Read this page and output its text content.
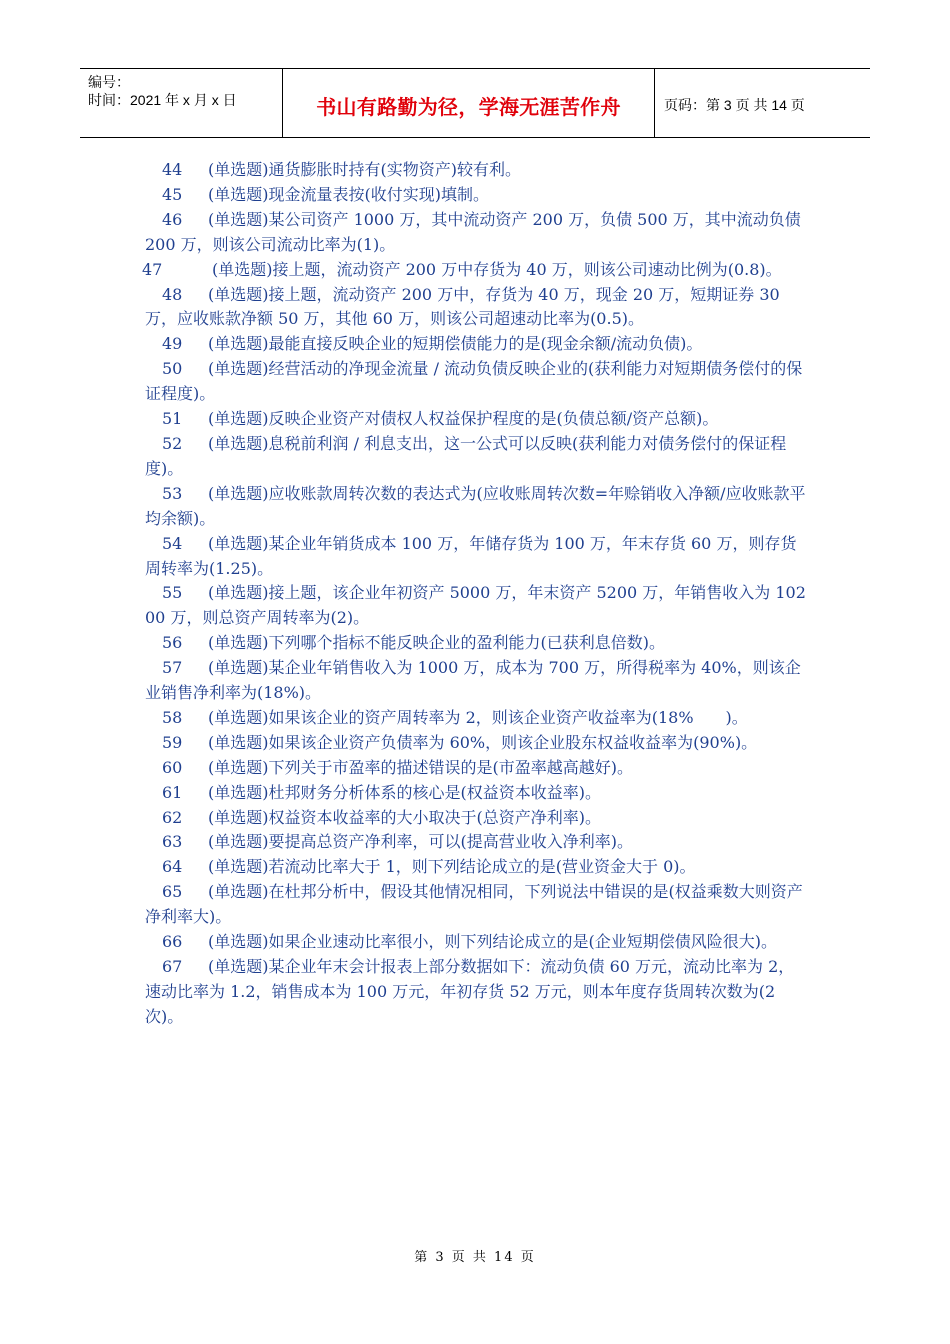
编号：
时间：2021 年 x 月 x 日	书山有路勤为径，学海无涯苦作舟	页码：第 3 页 共 14 页

44 (单选题)通货膨胀时持有(实物资产)较有利。

45 (单选题)现金流量表按(收付实现)填制。

46 (单选题)某公司资产 1000 万，其中流动资产 200 万，负债 500 万，其中流动负债 200 万，则该公司流动比率为(1)。

47	(单选题)接上题，流动资产 200 万中存货为 40 万，则该公司速动比例为(0.8)。

48 (单选题)接上题，流动资产 200 万中，存货为 40 万，现金 20 万，短期证券 30 万，应收账款净额 50 万，其他 60 万，则该公司超速动比率为(0.5)。

49 (单选题)最能直接反映企业的短期偿债能力的是(现金余额/流动负债)。

50 (单选题)经营活动的净现金流量 / 流动负债反映企业的(获利能力对短期债务偿付的保证程度)。

51 (单选题)反映企业资产对债权人权益保护程度的是(负债总额/资产总额)。

52 (单选题)息税前利润 / 利息支出，这一公式可以反映(获利能力对债务偿付的保证程度)。

53 (单选题)应收账款周转次数的表达式为(应收账周转次数=年赊销收入净额/应收账款平均余额)。

54 (单选题)某企业年销货成本 100 万，年储存货为 100 万，年末存货 60 万，则存货周转率为(1.25)。

55 (单选题)接上题，该企业年初资产 5000 万，年末资产 5200 万，年销售收入为 10200 万，则总资产周转率为(2)。

56 (单选题)下列哪个指标不能反映企业的盈利能力(已获利息倍数)。

57 (单选题)某企业年销售收入为 1000 万，成本为 700 万，所得税率为 40%，则该企业销售净利率为(18%)。

58 (单选题)如果该企业的资产周转率为 2，则该企业资产收益率为(18%　　)。

59 (单选题)如果该企业资产负债率为 60%，则该企业股东权益收益率为(90%)。

60 (单选题)下列关于市盈率的描述错误的是(市盈率越高越好)。

61 (单选题)杜邦财务分析体系的核心是(权益资本收益率)。

62 (单选题)权益资本收益率的大小取决于(总资产净利率)。

63 (单选题)要提高总资产净利率，可以(提高营业收入净利率)。

64 (单选题)若流动比率大于 1，则下列结论成立的是(营业资金大于 0)。

65 (单选题)在杜邦分析中，假设其他情况相同，下列说法中错误的是(权益乘数大则资产净利率大)。

66 (单选题)如果企业速动比率很小，则下列结论成立的是(企业短期偿债风险很大)。

67 (单选题)某企业年末会计报表上部分数据如下：流动负债 60 万元，流动比率为 2，速动比率为 1.2，销售成本为 100 万元，年初存货 52 万元，则本年度存货周转次数为(2 次)。

第 3 页 共 14 页
